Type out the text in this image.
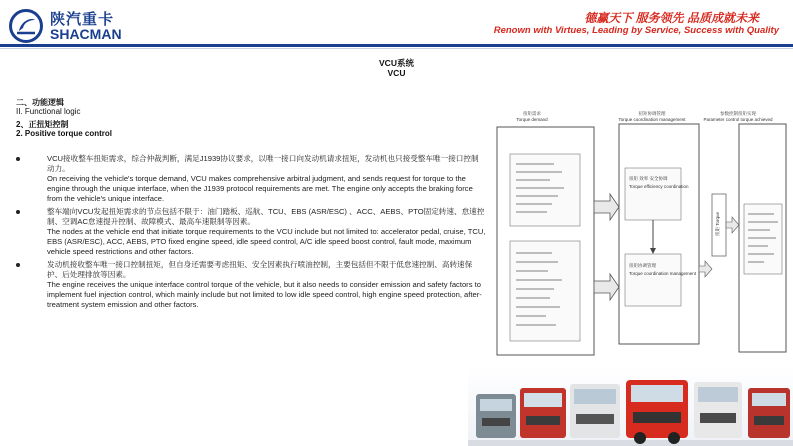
陕汽重卡
SHACMAN
德赢天下 服务领先 品质成就未来
Renown with Virtues, Leading by Service, Success with Quality
VCU系统
VCU
二、功能逻辑
II. Functional logic
2、正扭矩控制
2. Positive torque control
VCU接收整车扭矩需求，综合仲裁判断，满足J1939协议要求，以唯一接口向发动机请求扭矩，发动机也只接受整车唯一接口控制动力。
On receiving the vehicle's torque demand, VCU makes comprehensive arbitral judgment, and sends request for torque to the engine through the unique interface, when the J1939 protocol requirements are met. The engine only accepts the braking force from the vehicle's unique interface.
整车端向VCU发起扭矩需求的节点包括不限于：油门踏板、巡航、TCU、EBS (ASR/ESC) 、ACC、AEBS、PTO固定转速、怠速控制、空调AC怠速提升控制、故障模式、最高车速限制等因素。
The nodes at the vehicle end that initiate torque requirements to the VCU include but not limited to: accelerator pedal, cruise, TCU, EBS (ASR/ESC), ACC, AEBS, PTO fixed engine speed, idle speed control, A/C idle speed boost control, fault mode, maximum vehicle speed restrictions and other factors.
发动机接收整车唯一接口控制扭矩，但自身还需要考虑扭矩、安全因素执行喷油控制，主要包括但不限于低怠速控制、高转速保护、后处理排放等因素。
The engine receives the unique interface control torque of the vehicle, but it also needs to consider emission and safety factors to implement fuel injection control, which mainly include but not limited to low idle speed control, high engine speed protection, after-treatment system emission and other factors.
扭矩需求
Torque demand
扭矩协调管理
Torque coordination management
参数控制扭矩实现
Parameter control torque achieved
扭矩 效率 安全协调
Torque efficiency coordination
扭矩协调管理
Torque coordination management
扭矩 Torque
